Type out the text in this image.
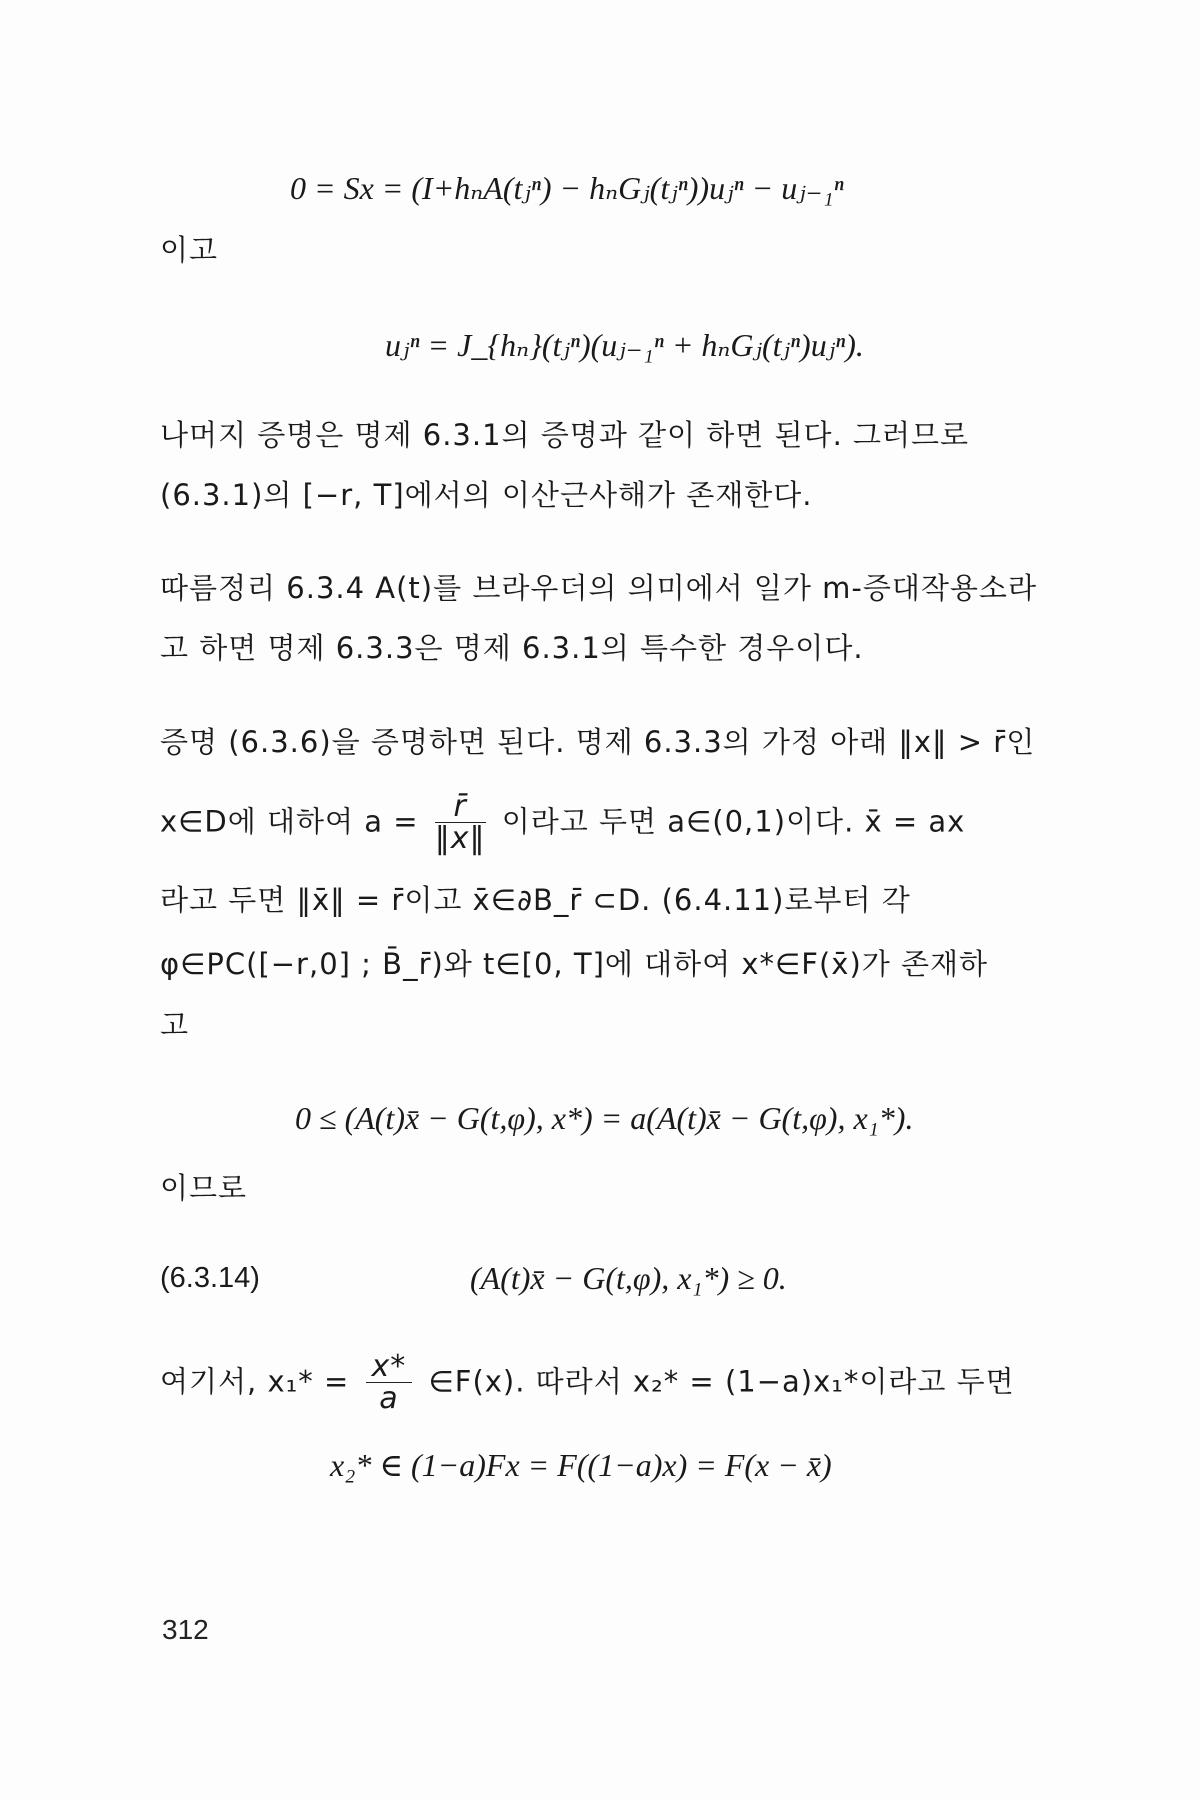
0 = Sx = (I+hₙA(tⱼⁿ) − hₙGⱼ(tⱼⁿ))uⱼⁿ − uⱼ₋₁ⁿ
이고
uⱼⁿ = J_{hₙ}(tⱼⁿ)(uⱼ₋₁ⁿ + hₙGⱼ(tⱼⁿ)uⱼⁿ).
나머지 증명은 명제 6.3.1의 증명과 같이 하면 된다. 그러므로
(6.3.1)의 [−r, T]에서의 이산근사해가 존재한다.
따름정리 6.3.4 A(t)를 브라우더의 의미에서 일가 m-증대작용소라
고 하면 명제 6.3.3은 명제 6.3.1의 특수한 경우이다.
증명 (6.3.6)을 증명하면 된다. 명제 6.3.3의 가정 아래 ‖x‖ > r̄인
x∈D에 대하여 $a = \frac{r̄}{‖x‖}$ 이라고 두면 a∈(0,1)이다. x̄ = ax
라고 두면 ‖x̄‖ = r̄이고 x̄∈∂B_r̄ ⊂D. (6.4.11)로부터 각
φ∈PC([−r,0] ; B̄_r̄)와 t∈[0, T]에 대하여 x*∈F(x̄)가 존재하
고
0 ≤ (A(t)x̄ − G(t,φ), x*) = a(A(t)x̄ − G(t,φ), x₁*).
이므로
(6.3.14)	(A(t)x̄ − G(t,φ), x₁*) ≥ 0.
여기서, $x_1* = \frac{x*}{a}$ ∈F(x). 따라서 x₂* = (1−a)x₁*이라고 두면
x₂* ∈ (1−a)Fx = F((1−a)x) = F(x − x̄)
312
